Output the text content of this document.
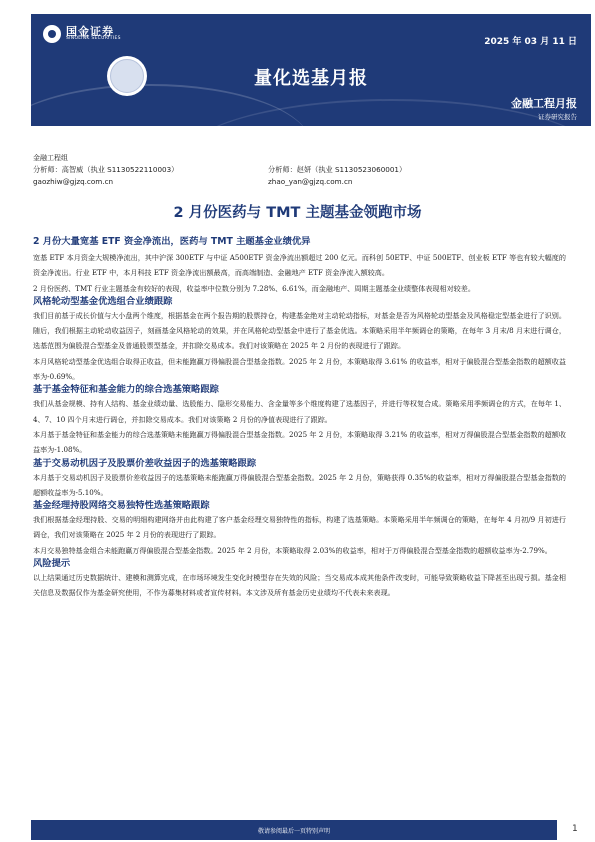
国金证券
SINOLINK SECURITIES	2025 年 03 月 11 日
量化选基月报
金融工程月报
证券研究报告
金融工程组
分析师：高智威（执业 S1130522110003）	分析师：赵妍（执业 S1130523060001）
gaozhiw@gjzq.com.cn	zhao_yan@gjzq.com.cn
2 月份医药与 TMT 主题基金领跑市场
2 月份大量宽基 ETF 资金净流出，医药与 TMT 主题基金业绩优异

宽基 ETF 本月资金大规模净流出，其中沪深 300ETF 与中证 A500ETF 资金净流出额超过 200 亿元。而科创 50ETF、中证 500ETF、创业板 ETF 等也有较大幅度的资金净流出。行业 ETF 中，本月科技 ETF 资金净流出额最高，而高端制造、金融地产 ETF 资金净流入额较高。

2 月份医药、TMT 行业主题基金有较好的表现，收益率中位数分别为 7.28%、6.61%，而金融地产、周期主题基金业绩整体表现相对较差。

风格轮动型基金优选组合业绩跟踪

我们目前基于成长价值与大小盘两个维度，根据基金在两个报告期的股票持仓，构建基金绝对主动轮动指标，对基金是否为风格轮动型基金及风格稳定型基金进行了识别。随后，我们根据主动轮动收益因子，刻画基金风格轮动的效果，并在风格轮动型基金中进行了基金优选。本策略采用半年频调仓的策略，在每年 3 月末/8 月末进行调仓，选基范围为偏股混合型基金及普通股票型基金，并扣除交易成本。我们对该策略在 2025 年 2 月份的表现进行了跟踪。

本月风格轮动型基金优选组合取得正收益，但未能跑赢万得偏股混合型基金指数。2025 年 2 月份，本策略取得 3.61% 的收益率，相对于偏股混合型基金指数的超额收益率为-0.69%。

基于基金特征和基金能力的综合选基策略跟踪

我们从基金规模、持有人结构、基金业绩动量、选股能力、隐形交易能力、含金量等多个维度构建了选基因子，并进行等权复合成。策略采用季频调仓的方式，在每年 1、4、7、10 四个月末进行调仓，并扣除交易成本。我们对该策略 2 月份的净值表现进行了跟踪。

本月基于基金特征和基金能力的综合选基策略未能跑赢万得偏股混合型基金指数。2025 年 2 月份，本策略取得 3.21% 的收益率，相对万得偏股混合型基金指数的超额收益率为-1.08%。

基于交易动机因子及股票价差收益因子的选基策略跟踪

本月基于交易动机因子及股票价差收益因子的选基策略未能跑赢万得偏股混合型基金指数。2025 年 2 月份，策略获得 0.35%的收益率，相对万得偏股混合型基金指数的超额收益率为-5.10%。

基金经理持股网络交易独特性选基策略跟踪

我们根据基金经理持股、交易的明细构建网络并由此构建了客户基金经理交易独特性的指标，构建了选基策略。本策略采用半年频调仓的策略，在每年 4 月初/9 月初进行调仓，我们对该策略在 2025 年 2 月份的表现进行了跟踪。

本月交易独特基金组合未能跑赢万得偏股混合型基金指数。2025 年 2 月份，本策略取得 2.03%的收益率，相对于万得偏股混合型基金指数的超额收益率为-2.79%。

风险提示

以上结果通过历史数据统计、建模和测算完成，在市场环境发生变化时模型存在失效的风险；当交易成本成其他条件改变时，可能导致策略收益下降甚至出现亏损。基金相关信息及数据仅作为基金研究使用，不作为募集材料或者宣传材料。本文涉及所有基金历史业绩均不代表未来表现。

敬请参阅最后一页特别声明	1
